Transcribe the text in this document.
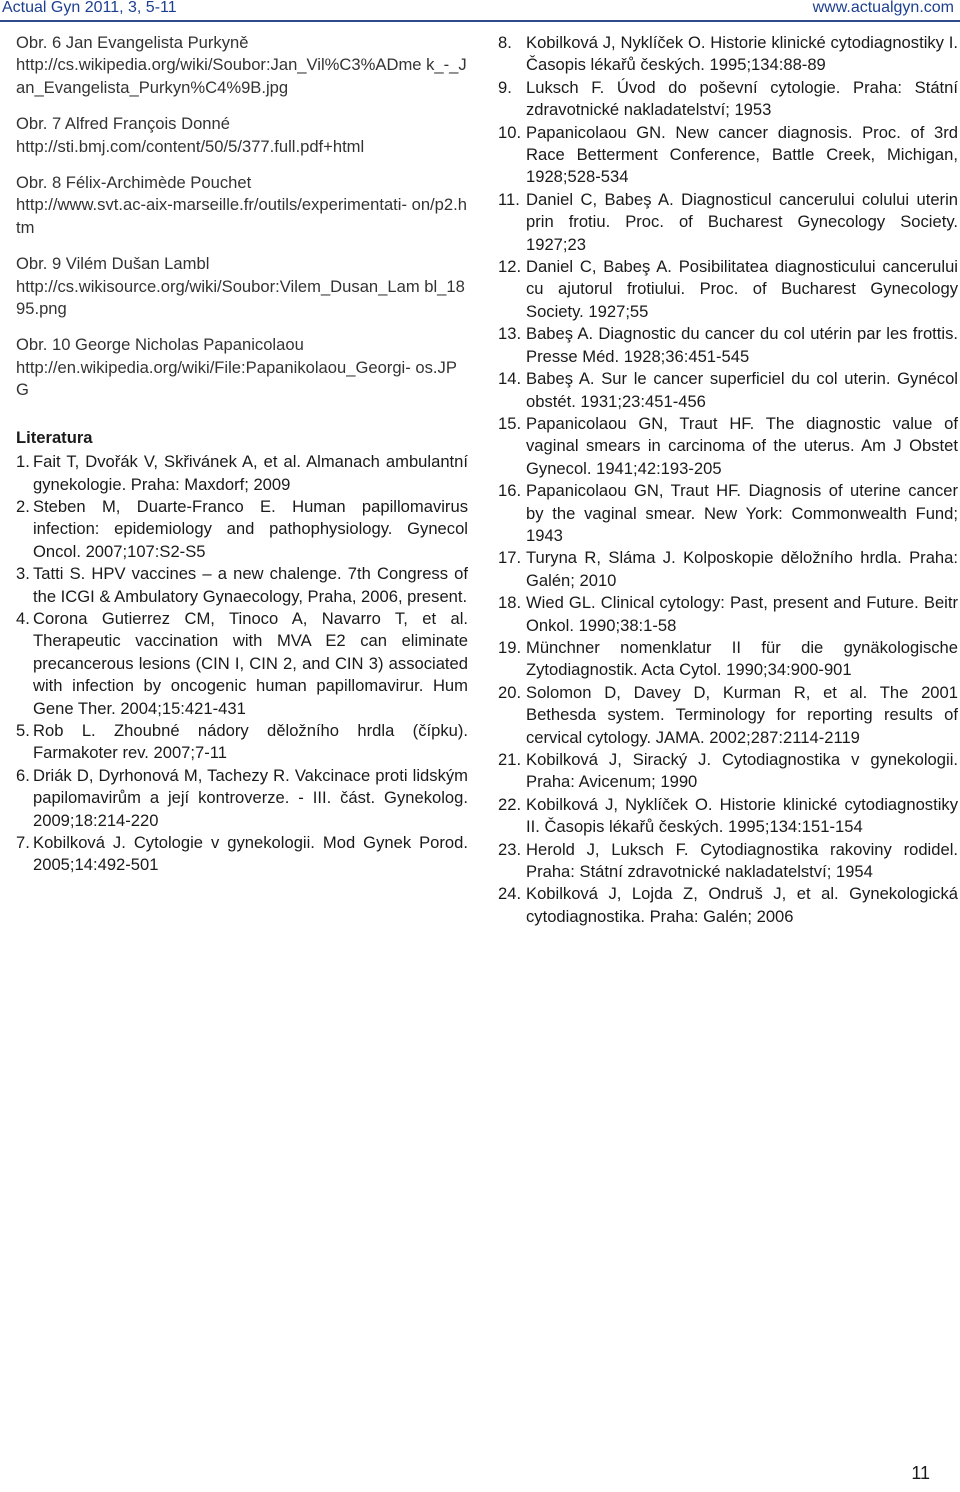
Actual Gyn 2011, 3, 5-11	www.actualgyn.com
Obr. 6 Jan Evangelista Purkyně
http://cs.wikipedia.org/wiki/Soubor:Jan_Vil%C3%ADme k_-_Jan_Evangelista_Purkyn%C4%9B.jpg
Obr. 7 Alfred François Donné
http://sti.bmj.com/content/50/5/377.full.pdf+html
Obr. 8 Félix-Archimède Pouchet
http://www.svt.ac-aix-marseille.fr/outils/experimentati- on/p2.htm
Obr. 9 Vilém Dušan Lambl
http://cs.wikisource.org/wiki/Soubor:Vilem_Dusan_Lam bl_1895.png
Obr. 10 George Nicholas Papanicolaou
http://en.wikipedia.org/wiki/File:Papanikolaou_Georgi- os.JPG
Literatura
1. Fait T, Dvořák V, Skřivánek A, et al. Almanach ambulantní gynekologie. Praha: Maxdorf; 2009
2. Steben M, Duarte-Franco E. Human papillomavirus infection: epidemiology and pathophysiology. Gynecol Oncol. 2007;107:S2-S5
3. Tatti S. HPV vaccines – a new chalenge. 7th Congress of the ICGI & Ambulatory Gynaecology, Praha, 2006, present.
4. Corona Gutierrez CM, Tinoco A, Navarro T, et al. Therapeutic vaccination with MVA E2 can eliminate precancerous lesions (CIN I, CIN 2, and CIN 3) associated with infection by oncogenic human papillomavirur. Hum Gene Ther. 2004;15:421-431
5. Rob L. Zhoubné nádory děložního hrdla (čípku). Farmakoter rev. 2007;7-11
6. Driák D, Dyrhonová M, Tachezy R. Vakcinace proti lidským papilomavirům a její kontroverze. - III. část. Gynekolog. 2009;18:214-220
7. Kobilková J. Cytologie v gynekologii. Mod Gynek Porod. 2005;14:492-501
8. Kobilková J, Nyklíček O. Historie klinické cytodiagnostiky I. Časopis lékařů českých. 1995;134:88-89
9. Luksch F. Úvod do poševní cytologie. Praha: Státní zdravotnické nakladatelství; 1953
10. Papanicolaou GN. New cancer diagnosis. Proc. of 3rd Race Betterment Conference, Battle Creek, Michigan, 1928;528-534
11. Daniel C, Babeş A. Diagnosticul cancerului colului uterin prin frotiu. Proc. of Bucharest Gynecology Society. 1927;23
12. Daniel C, Babeş A. Posibilitatea diagnosticului cancerului cu ajutorul frotiului. Proc. of Bucharest Gynecology Society. 1927;55
13. Babeş A. Diagnostic du cancer du col utérin par les frottis. Presse Méd. 1928;36:451-545
14. Babeş A. Sur le cancer superficiel du col uterin. Gynécol obstét. 1931;23:451-456
15. Papanicolaou GN, Traut HF. The diagnostic value of vaginal smears in carcinoma of the uterus. Am J Obstet Gynecol. 1941;42:193-205
16. Papanicolaou GN, Traut HF. Diagnosis of uterine cancer by the vaginal smear. New York: Commonwealth Fund; 1943
17. Turyna R, Sláma J. Kolposkopie děložního hrdla. Praha: Galén; 2010
18. Wied GL. Clinical cytology: Past, present and Future. Beitr Onkol. 1990;38:1-58
19. Münchner nomenklatur II für die gynäkologische Zytodiagnostik. Acta Cytol. 1990;34:900-901
20. Solomon D, Davey D, Kurman R, et al. The 2001 Bethesda system. Terminology for reporting results of cervical cytology. JAMA. 2002;287:2114-2119
21. Kobilková J, Siracký J. Cytodiagnostika v gynekologii. Praha: Avicenum; 1990
22. Kobilková J, Nyklíček O. Historie klinické cytodiagnostiky II. Časopis lékařů českých. 1995;134:151-154
23. Herold J, Luksch F. Cytodiagnostika rakoviny rodidel. Praha: Státní zdravotnické nakladatelství; 1954
24. Kobilková J, Lojda Z, Ondruš J, et al. Gynekologická cytodiagnostika. Praha: Galén; 2006
11
